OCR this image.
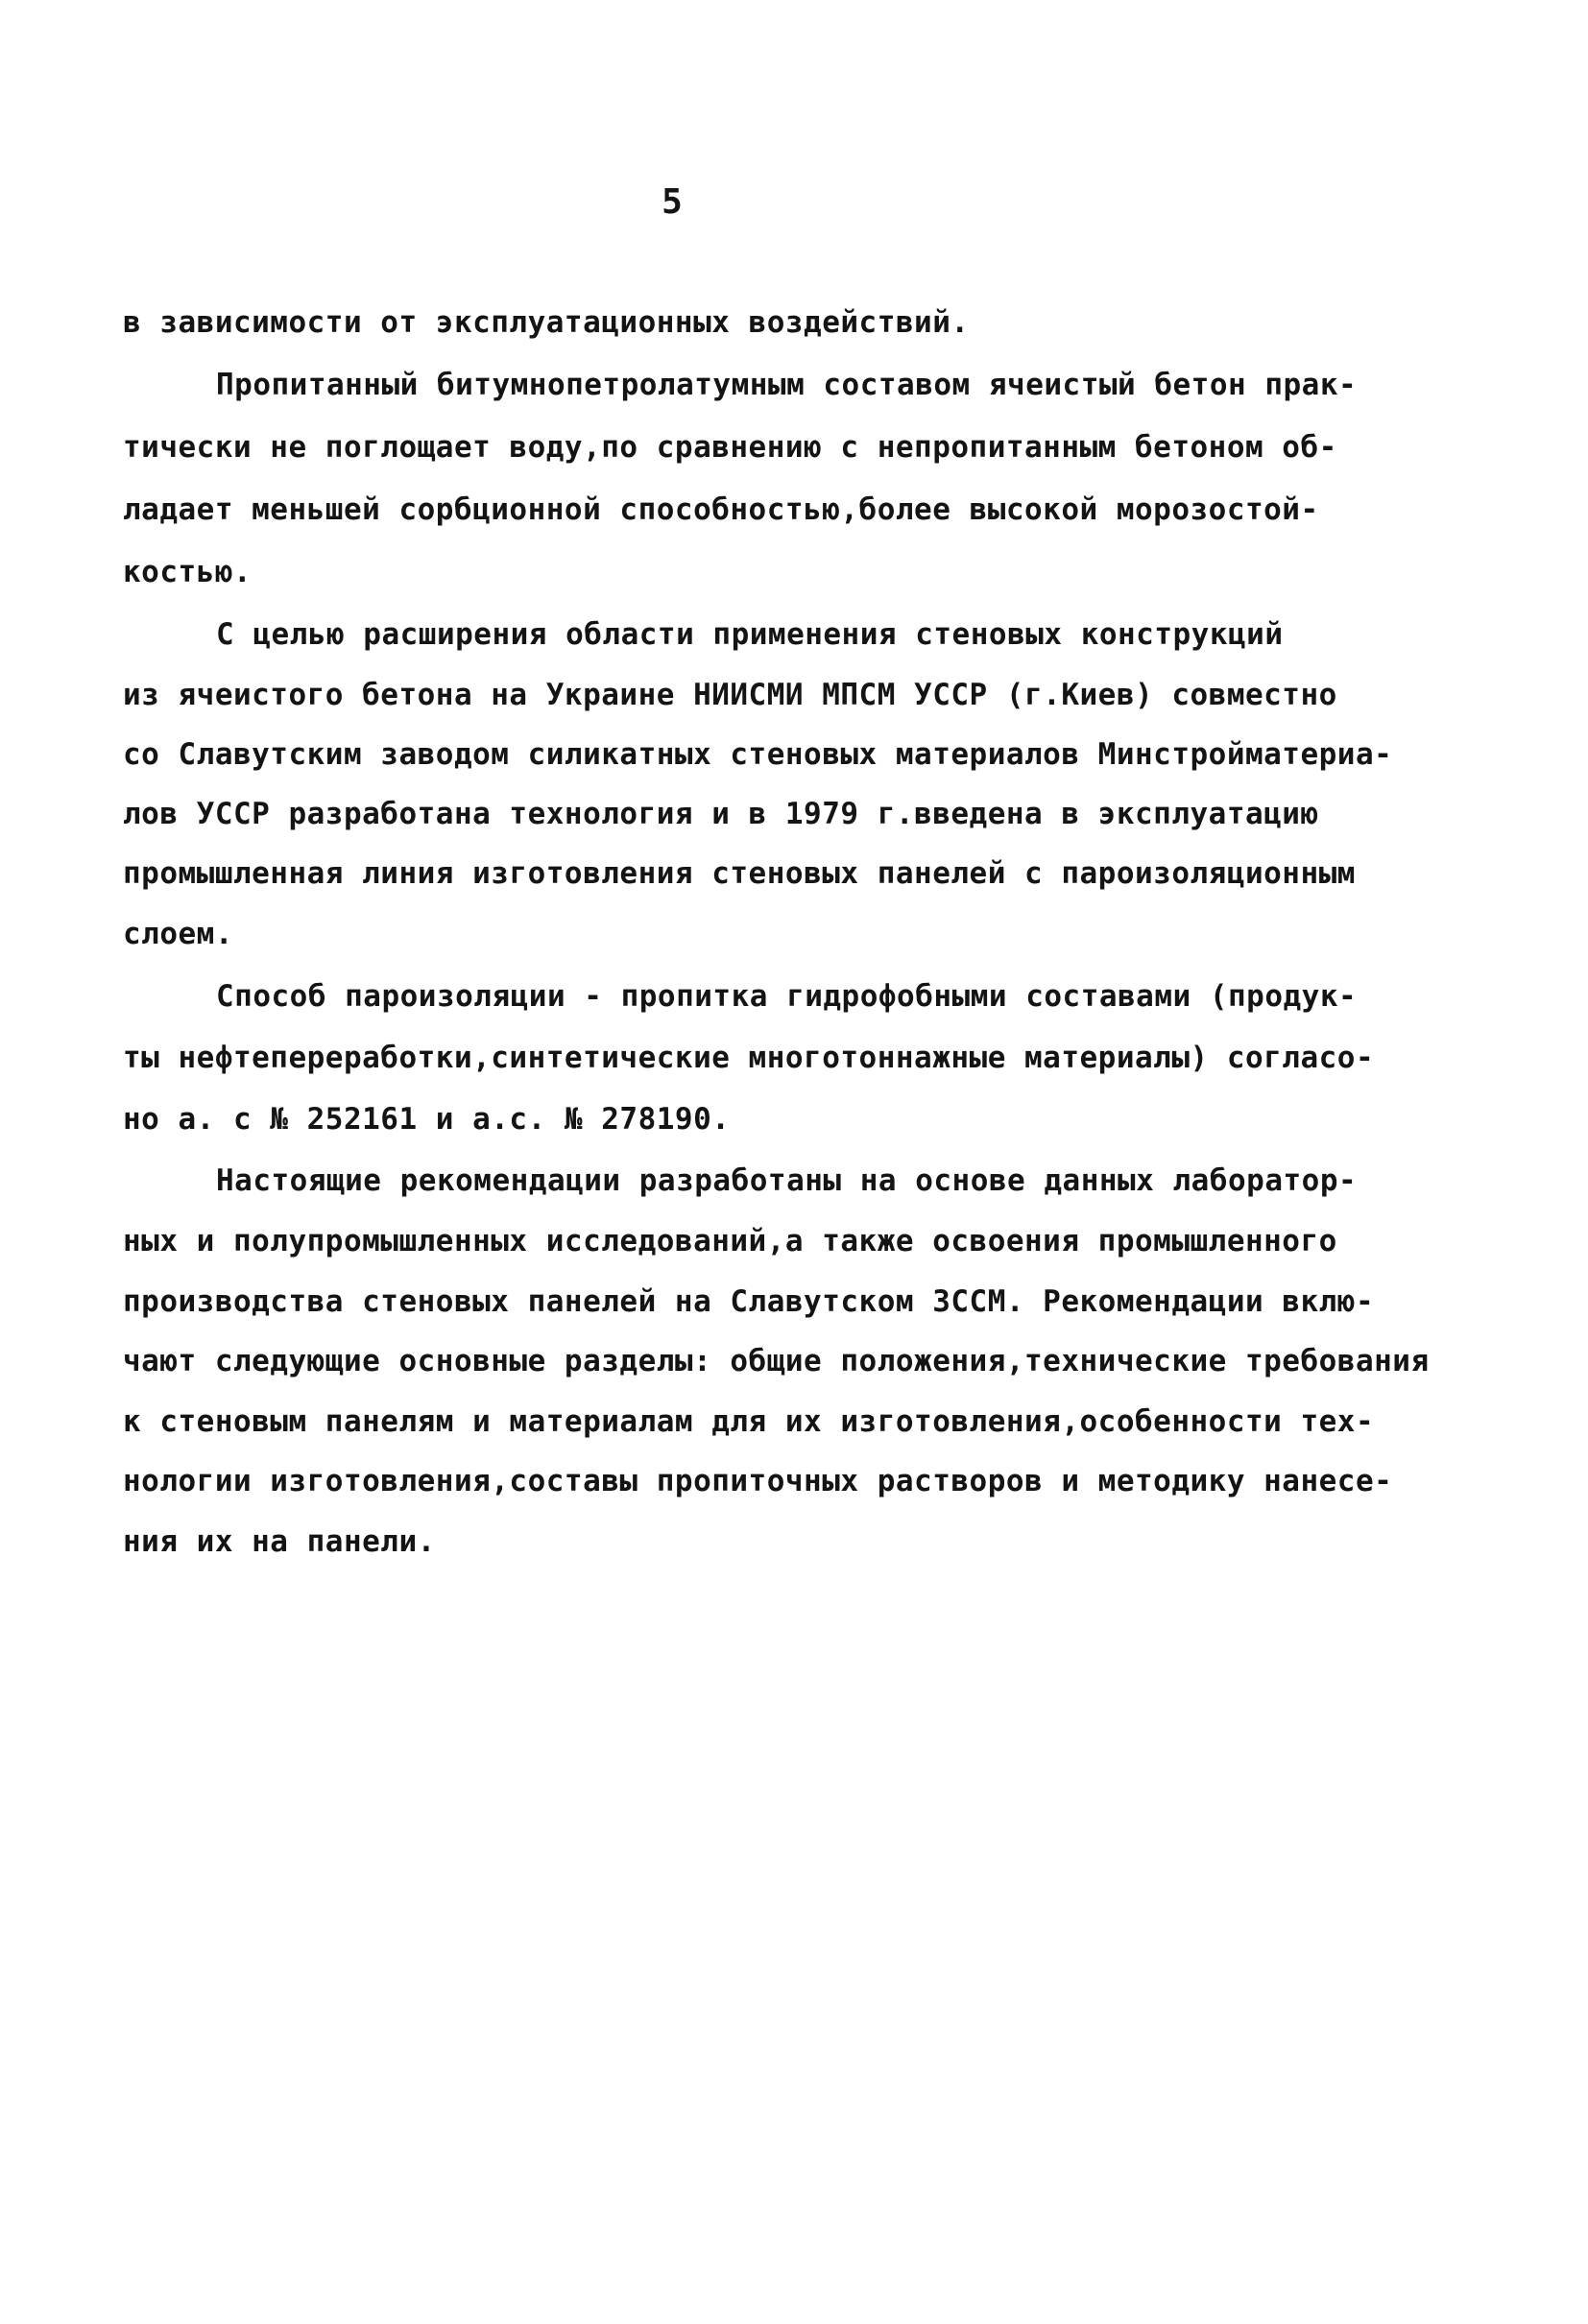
5
в зависимости от эксплуатационных воздействий.
Пропитанный битумнопетролатумным составом ячеистый бетон прак-
тически не поглощает воду,по сравнению с непропитанным бетоном об-
ладает меньшей сорбционной способностью,более высокой морозостой-
костью.
С целью расширения области применения стеновых конструкций
из ячеистого бетона на Украине НИИСМИ МПСМ УССР (г.Киев) совместно
со Славутским заводом силикатных стеновых материалов Минстройматериа-
лов УССР разработана технология и в 1979 г.введена в эксплуатацию
промышленная линия изготовления стеновых панелей с пароизоляционным
слоем.
Способ пароизоляции - пропитка гидрофобными составами (продук-
ты нефтепереработки,синтетические многотоннажные материалы) согласо-
но а. с № 252161 и а.с. № 278190.
Настоящие рекомендации разработаны на основе данных лаборатор-
ных и полупромышленных исследований,а также освоения промышленного
производства стеновых панелей на Славутском ЗССМ. Рекомендации вклю-
чают следующие основные разделы: общие положения,технические требования
к стеновым панелям и материалам для их изготовления,особенности тех-
нологии изготовления,составы пропиточных растворов и методику нанесе-
ния их на панели.
